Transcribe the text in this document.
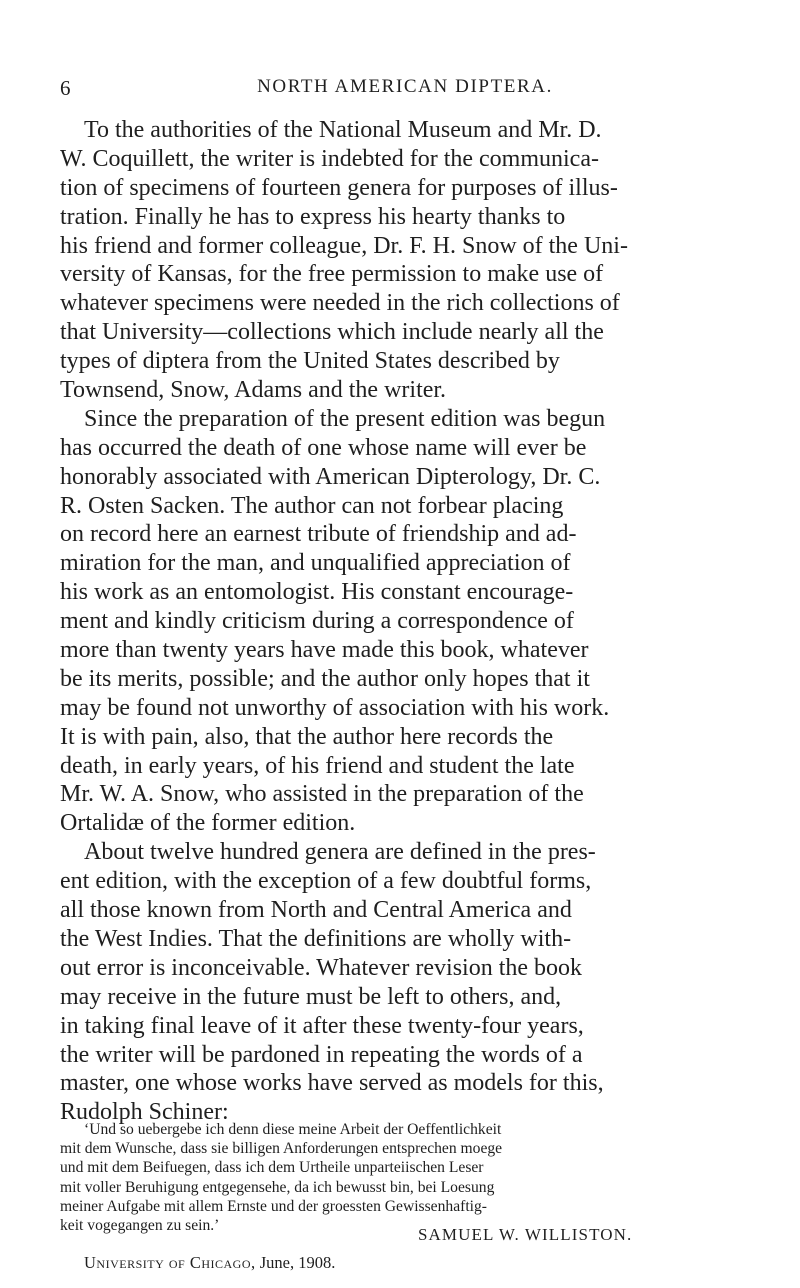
6	NORTH AMERICAN DIPTERA.
To the authorities of the National Museum and Mr. D.
W. Coquillett, the writer is indebted for the communica-
tion of specimens of fourteen genera for purposes of illus-
tration. Finally he has to express his hearty thanks to
his friend and former colleague, Dr. F. H. Snow of the Uni-
versity of Kansas, for the free permission to make use of
whatever specimens were needed in the rich collections of
that University—collections which include nearly all the
types of diptera from the United States described by
Townsend, Snow, Adams and the writer.
Since the preparation of the present edition was begun
has occurred the death of one whose name will ever be
honorably associated with American Dipterology, Dr. C.
R. Osten Sacken. The author can not forbear placing
on record here an earnest tribute of friendship and ad-
miration for the man, and unqualified appreciation of
his work as an entomologist. His constant encourage-
ment and kindly criticism during a correspondence of
more than twenty years have made this book, whatever
be its merits, possible; and the author only hopes that it
may be found not unworthy of association with his work.
It is with pain, also, that the author here records the
death, in early years, of his friend and student the late
Mr. W. A. Snow, who assisted in the preparation of the
Ortalidæ of the former edition.
About twelve hundred genera are defined in the pres-
ent edition, with the exception of a few doubtful forms,
all those known from North and Central America and
the West Indies. That the definitions are wholly with-
out error is inconceivable. Whatever revision the book
may receive in the future must be left to others, and,
in taking final leave of it after these twenty-four years,
the writer will be pardoned in repeating the words of a
master, one whose works have served as models for this,
Rudolph Schiner:
‘Und so uebergebe ich denn diese meine Arbeit der Oeffentlichkeit
mit dem Wunsche, dass sie billigen Anforderungen entsprechen moege
und mit dem Beifuegen, dass ich dem Urtheile unparteiischen Leser
mit voller Beruhigung entgegensehe, da ich bewusst bin, bei Loesung
meiner Aufgabe mit allem Ernste und der groessten Gewissenhaftig-
keit vogegangen zu sein.’	SAMUEL W. WILLISTON.
University of Chicago, June, 1908.
